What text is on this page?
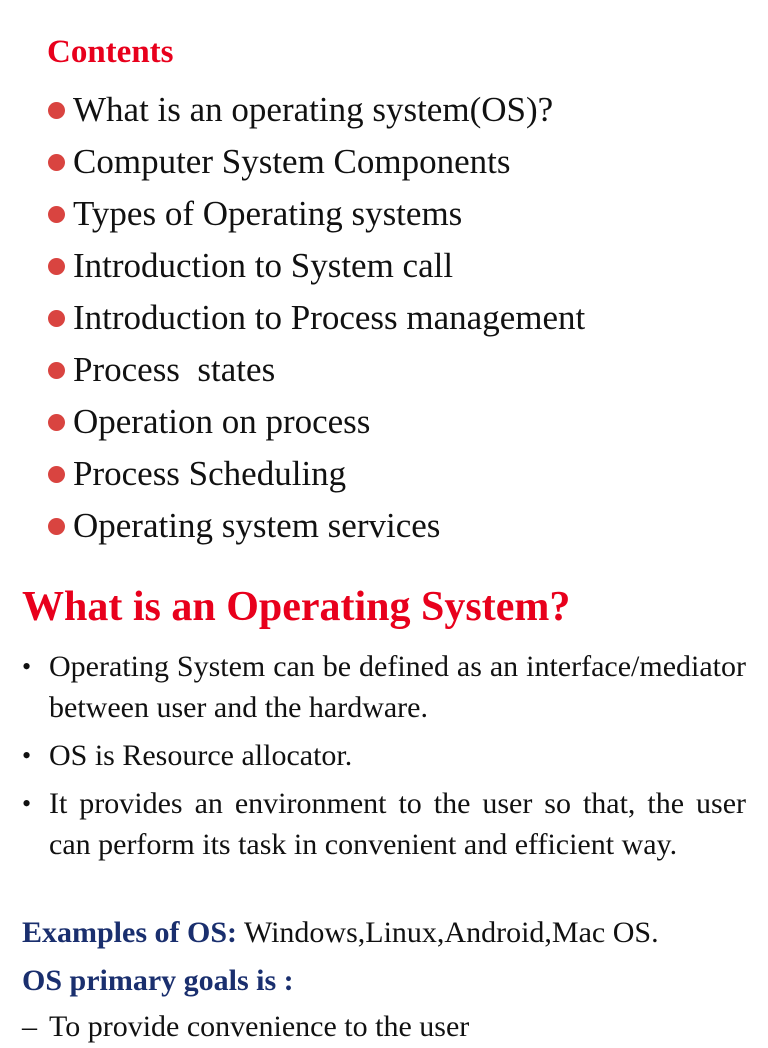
Contents
What is an operating system(OS)?
Computer System Components
Types of Operating systems
Introduction to System call
Introduction to Process management
Process  states
Operation on process
Process Scheduling
Operating system services
What is an Operating System?
• Operating System can be defined as an interface/mediator between user and the hardware.
• OS is Resource allocator.
• It provides an environment to the user so that, the user can perform its task in convenient and efficient way.
Examples of OS: Windows,Linux,Android,Mac OS.
OS primary goals is :
– To provide convenience to the user
